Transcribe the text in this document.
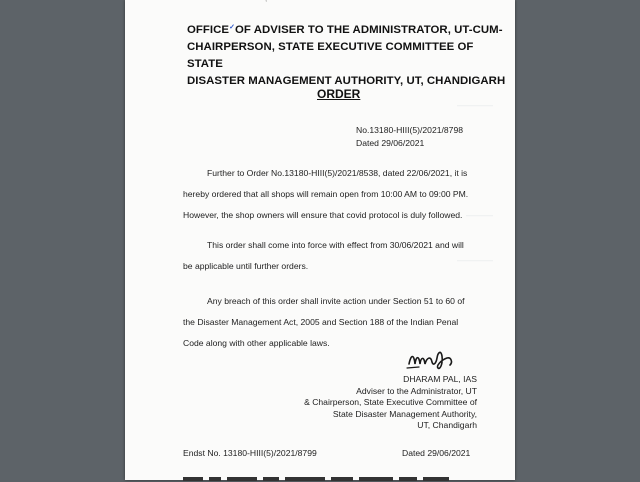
————
———
————
OFFICE✓OF ADVISER TO THE ADMINISTRATOR, UT-CUM-
CHAIRPERSON, STATE EXECUTIVE COMMITTEE OF STATE
DISASTER MANAGEMENT AUTHORITY, UT, CHANDIGARH
ORDER
No.13180-HIII(5)/2021/8798
Dated 29/06/2021
Further to Order No.13180-HIII(5)/2021/8538, dated 22/06/2021, it is
hereby ordered that all shops will remain open from 10:00 AM to 09:00 PM.
However, the shop owners will ensure that covid protocol is duly followed.
This order shall come into force with effect from 30/06/2021 and will
be applicable until further orders.
Any breach of this order shall invite action under Section 51 to 60 of
the Disaster Management Act, 2005 and Section 188 of the Indian Penal
Code along with other applicable laws.
DHARAM PAL, IAS
Adviser to the Administrator, UT
& Chairperson, State Executive Committee of
State Disaster Management Authority,
UT, Chandigarh
Endst No. 13180-HIII(5)/2021/8799	Dated 29/06/2021
